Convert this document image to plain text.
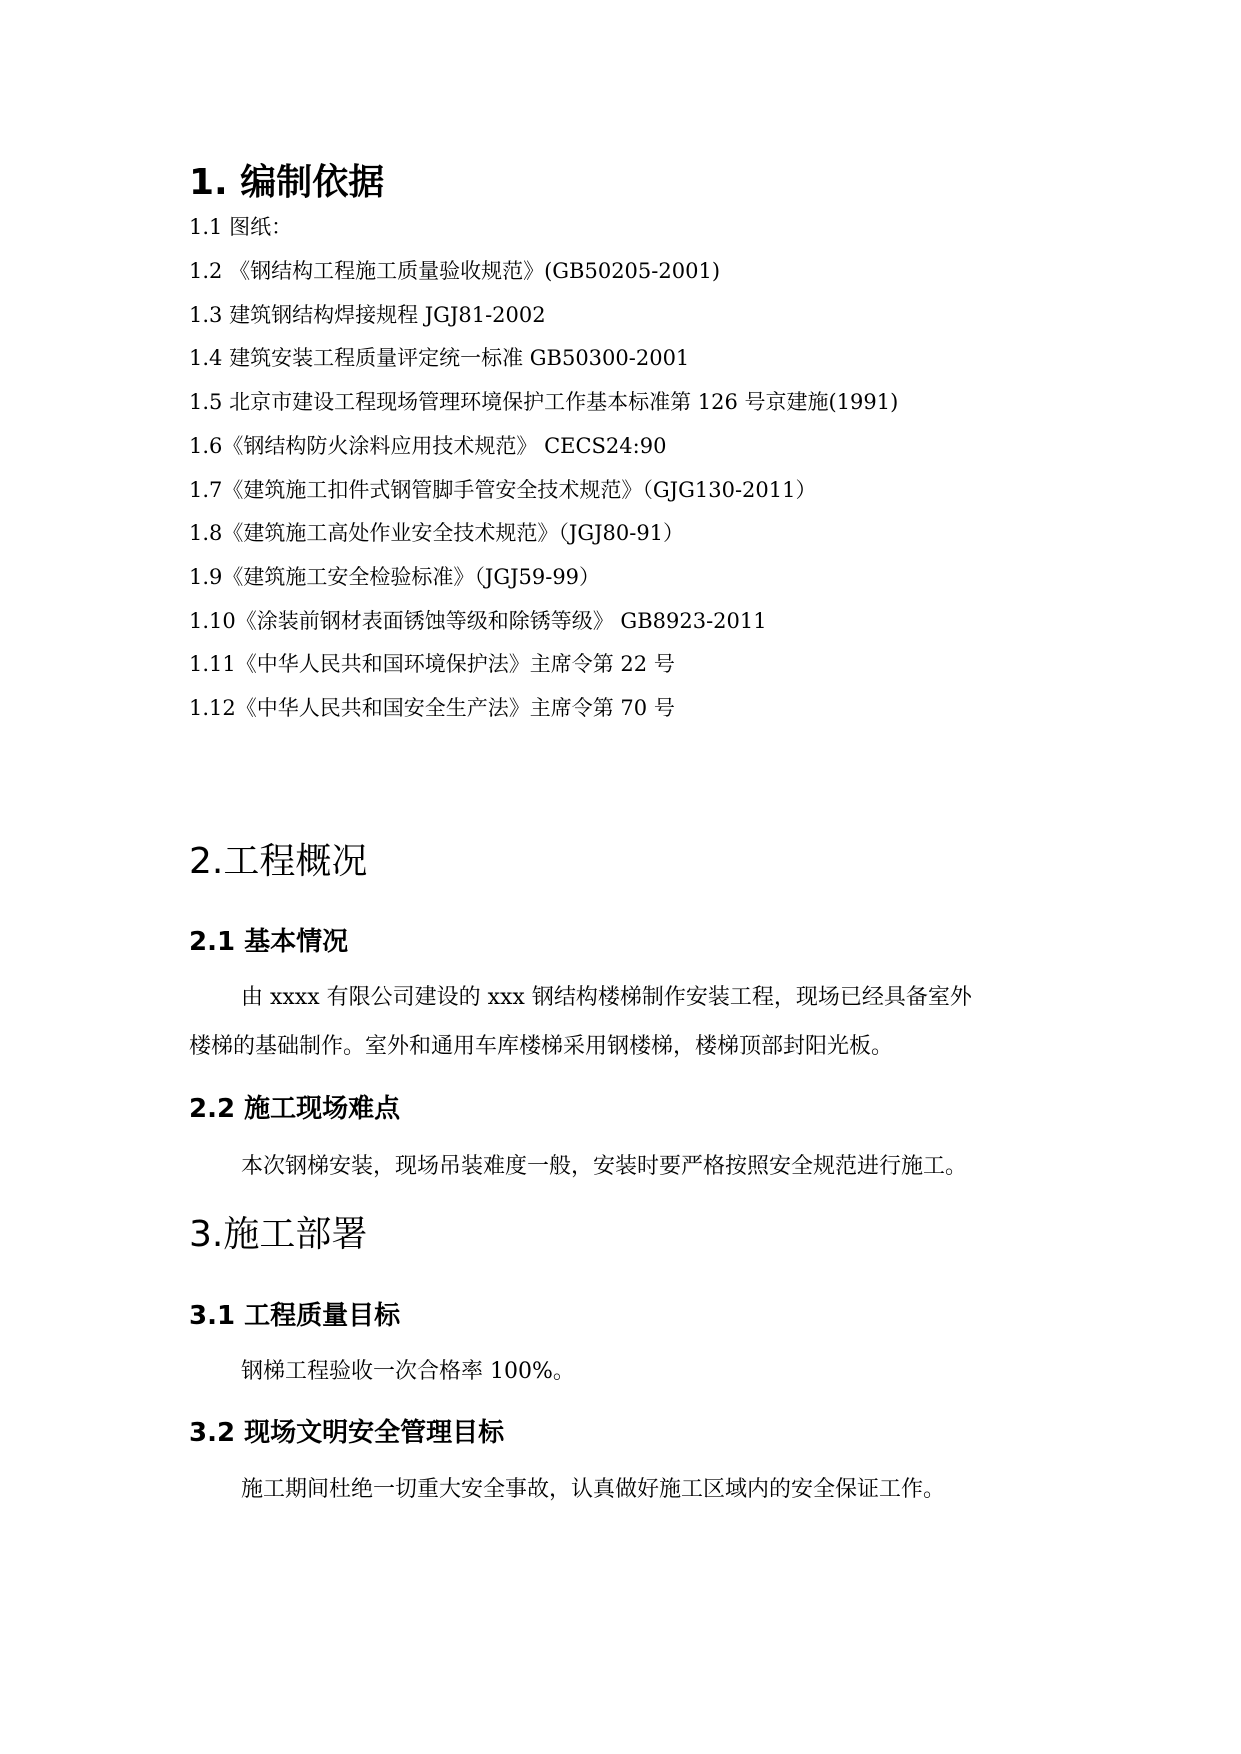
1. 编制依据
1.1 图纸：
1.2 《钢结构工程施工质量验收规范》(GB50205-2001)
1.3 建筑钢结构焊接规程 JGJ81-2002
1.4 建筑安装工程质量评定统一标准 GB50300-2001
1.5 北京市建设工程现场管理环境保护工作基本标准第 126 号京建施(1991)
1.6《钢结构防火涂料应用技术规范》 CECS24:90
1.7《建筑施工扣件式钢管脚手管安全技术规范》（GJG130-2011）
1.8《建筑施工高处作业安全技术规范》（JGJ80-91）
1.9《建筑施工安全检验标准》（JGJ59-99）
1.10《涂装前钢材表面锈蚀等级和除锈等级》 GB8923-2011
1.11《中华人民共和国环境保护法》主席令第 22 号
1.12《中华人民共和国安全生产法》主席令第 70 号
2.工程概况
2.1 基本情况
由 xxxx 有限公司建设的 xxx 钢结构楼梯制作安装工程，现场已经具备室外
楼梯的基础制作。室外和通用车库楼梯采用钢楼梯，楼梯顶部封阳光板。
2.2 施工现场难点
本次钢梯安装，现场吊装难度一般，安装时要严格按照安全规范进行施工。
3.施工部署
3.1 工程质量目标
钢梯工程验收一次合格率 100%。
3.2 现场文明安全管理目标
施工期间杜绝一切重大安全事故，认真做好施工区域内的安全保证工作。
